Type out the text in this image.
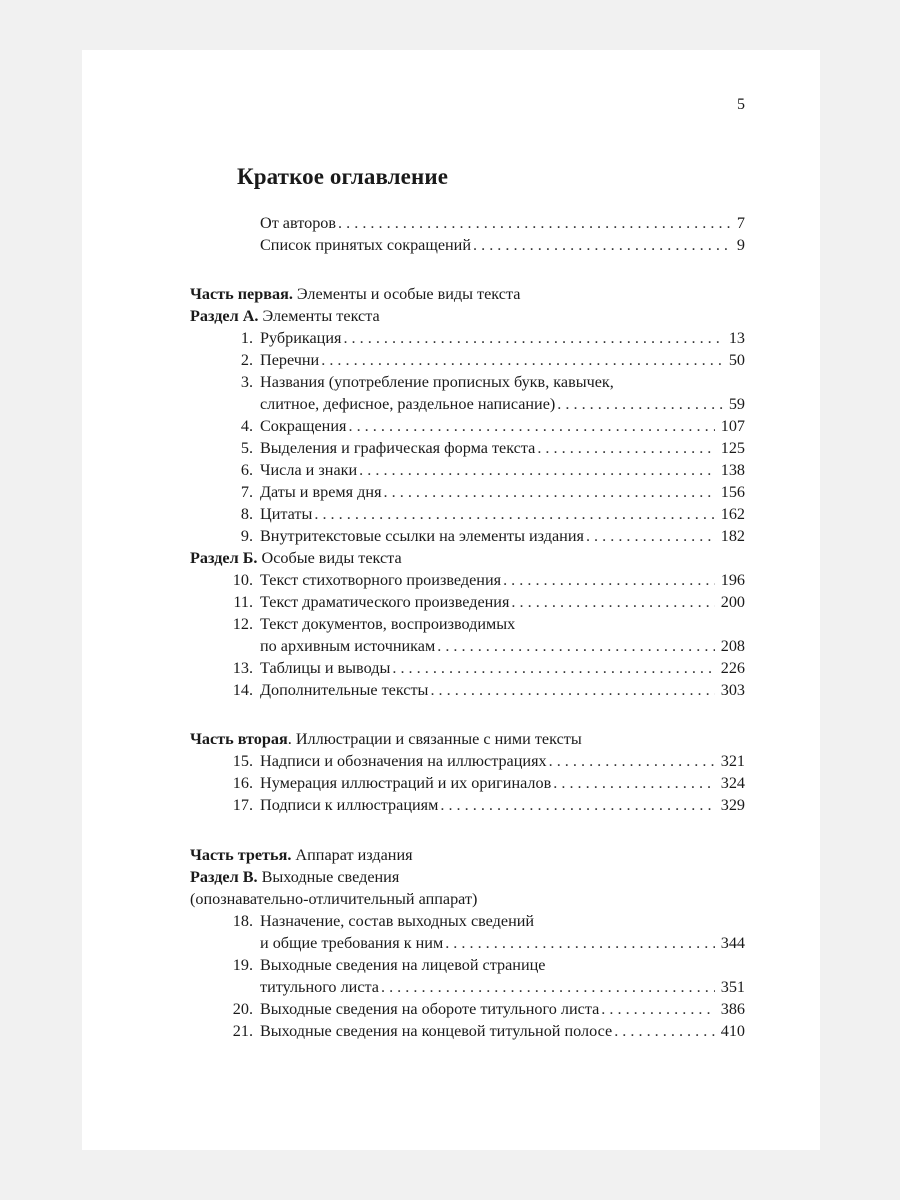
5
Краткое оглавление
От авторов . . .	7
Список принятых сокращений . . .	9
Часть первая. Элементы и особые виды текста
Раздел А. Элементы текста
1. Рубрикация . . .	13
2. Перечни . . .	50
3. Названия (употребление прописных букв, кавычек,
слитное, дефисное, раздельное написание) . . .	59
4. Сокращения . . .	107
5. Выделения и графическая форма текста . . .	125
6. Числа и знаки . . .	138
7. Даты и время дня . . .	156
8. Цитаты . . .	162
9. Внутритекстовые ссылки на элементы издания . . .	182
Раздел Б. Особые виды текста
10. Текст стихотворного произведения . . .	196
11. Текст драматического произведения . . .	200
12. Текст документов, воспроизводимых
по архивным источникам . . .	208
13. Таблицы и выводы . . .	226
14. Дополнительные тексты . . .	303
Часть вторая. Иллюстрации и связанные с ними тексты
15. Надписи и обозначения на иллюстрациях . . .	321
16. Нумерация иллюстраций и их оригиналов . . .	324
17. Подписи к иллюстрациям . . .	329
Часть третья. Аппарат издания
Раздел В. Выходные сведения
(опознавательно-отличительный аппарат)
18. Назначение, состав выходных сведений
и общие требования к ним . . .	344
19. Выходные сведения на лицевой странице
титульного листа . . .	351
20. Выходные сведения на обороте титульного листа . . .	386
21. Выходные сведения на концевой титульной полосе . . .	410
